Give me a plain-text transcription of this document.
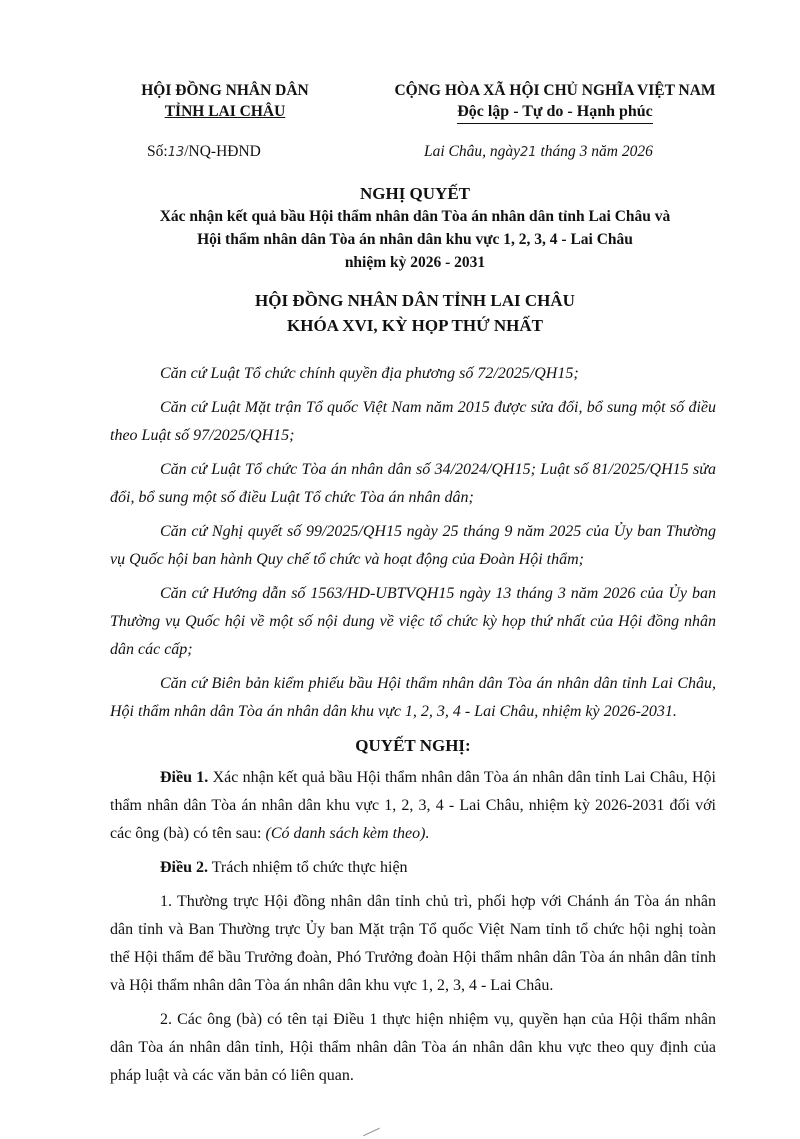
HỘI ĐỒNG NHÂN DÂN
TỈNH LAI CHÂU
CỘNG HÒA XÃ HỘI CHỦ NGHĨA VIỆT NAM
Độc lập - Tự do - Hạnh phúc
Số:13/NQ-HĐND	Lai Châu, ngày21 tháng 3 năm 2026
NGHỊ QUYẾT
Xác nhận kết quả bầu Hội thẩm nhân dân Tòa án nhân dân tỉnh Lai Châu và
Hội thẩm nhân dân Tòa án nhân dân khu vực 1, 2, 3, 4 - Lai Châu
nhiệm kỳ 2026 - 2031
HỘI ĐỒNG NHÂN DÂN TỈNH LAI CHÂU
KHÓA XVI, KỲ HỌP THỨ NHẤT

Căn cứ Luật Tổ chức chính quyền địa phương số 72/2025/QH15;

Căn cứ Luật Mặt trận Tổ quốc Việt Nam năm 2015 được sửa đổi, bổ sung một số điều theo Luật số 97/2025/QH15;

Căn cứ Luật Tổ chức Tòa án nhân dân số 34/2024/QH15; Luật số 81/2025/QH15 sửa đổi, bổ sung một số điều Luật Tổ chức Tòa án nhân dân;

Căn cứ Nghị quyết số 99/2025/QH15 ngày 25 tháng 9 năm 2025 của Ủy ban Thường vụ Quốc hội ban hành Quy chế tổ chức và hoạt động của Đoàn Hội thẩm;

Căn cứ Hướng dẫn số 1563/HD-UBTVQH15 ngày 13 tháng 3 năm 2026 của Ủy ban Thường vụ Quốc hội về một số nội dung về việc tổ chức kỳ họp thứ nhất của Hội đồng nhân dân các cấp;

Căn cứ Biên bản kiểm phiếu bầu Hội thẩm nhân dân Tòa án nhân dân tỉnh Lai Châu, Hội thẩm nhân dân Tòa án nhân dân khu vực 1, 2, 3, 4 - Lai Châu, nhiệm kỳ 2026-2031.

QUYẾT NGHỊ:

Điều 1. Xác nhận kết quả bầu Hội thẩm nhân dân Tòa án nhân dân tỉnh Lai Châu, Hội thẩm nhân dân Tòa án nhân dân khu vực 1, 2, 3, 4 - Lai Châu, nhiệm kỳ 2026-2031 đối với các ông (bà) có tên sau: (Có danh sách kèm theo).

Điều 2. Trách nhiệm tổ chức thực hiện

1. Thường trực Hội đồng nhân dân tỉnh chủ trì, phối hợp với Chánh án Tòa án nhân dân tỉnh và Ban Thường trực Ủy ban Mặt trận Tổ quốc Việt Nam tỉnh tổ chức hội nghị toàn thể Hội thẩm để bầu Trưởng đoàn, Phó Trưởng đoàn Hội thẩm nhân dân Tòa án nhân dân tỉnh và Hội thẩm nhân dân Tòa án nhân dân khu vực 1, 2, 3, 4 - Lai Châu.

2. Các ông (bà) có tên tại Điều 1 thực hiện nhiệm vụ, quyền hạn của Hội thẩm nhân dân Tòa án nhân dân tỉnh, Hội thẩm nhân dân Tòa án nhân dân khu vực theo quy định của pháp luật và các văn bản có liên quan.
